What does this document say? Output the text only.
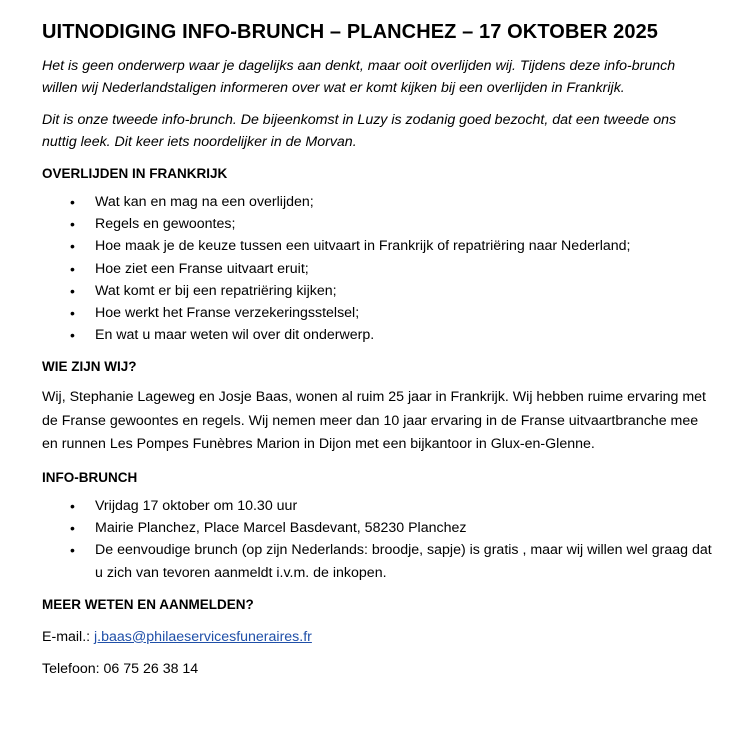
UITNODIGING INFO-BRUNCH – PLANCHEZ – 17 OKTOBER 2025

Het is geen onderwerp waar je dagelijks aan denkt, maar ooit overlijden wij. Tijdens deze info-brunch willen wij Nederlandstaligen informeren over wat er komt kijken bij een overlijden in Frankrijk.

Dit is onze tweede info-brunch. De bijeenkomst in Luzy is zodanig goed bezocht, dat een tweede ons nuttig leek. Dit keer iets noordelijker in de Morvan.

OVERLIJDEN IN FRANKRIJK
• Wat kan en mag na een overlijden;
• Regels en gewoontes;
• Hoe maak je de keuze tussen een uitvaart in Frankrijk of repatriëring naar Nederland;
• Hoe ziet een Franse uitvaart eruit;
• Wat komt er bij een repatriëring kijken;
• Hoe werkt het Franse verzekeringsstelsel;
• En wat u maar weten wil over dit onderwerp.
WIE ZIJN WIJ?

Wij, Stephanie Lageweg en Josje Baas, wonen al ruim 25 jaar in Frankrijk. Wij hebben ruime ervaring met de Franse gewoontes en regels. Wij nemen meer dan 10 jaar ervaring in de Franse uitvaartbranche mee en runnen Les Pompes Funèbres Marion in Dijon met een bijkantoor in Glux-en-Glenne.

INFO-BRUNCH
• Vrijdag 17 oktober om 10.30 uur
• Mairie Planchez, Place Marcel Basdevant, 58230 Planchez
• De eenvoudige brunch (op zijn Nederlands: broodje, sapje) is gratis , maar wij willen wel graag dat u zich van tevoren aanmeldt i.v.m. de inkopen.
MEER WETEN EN AANMELDEN?

E-mail.: j.baas@philaeservicesfuneraires.fr

Telefoon: 06 75 26 38 14
